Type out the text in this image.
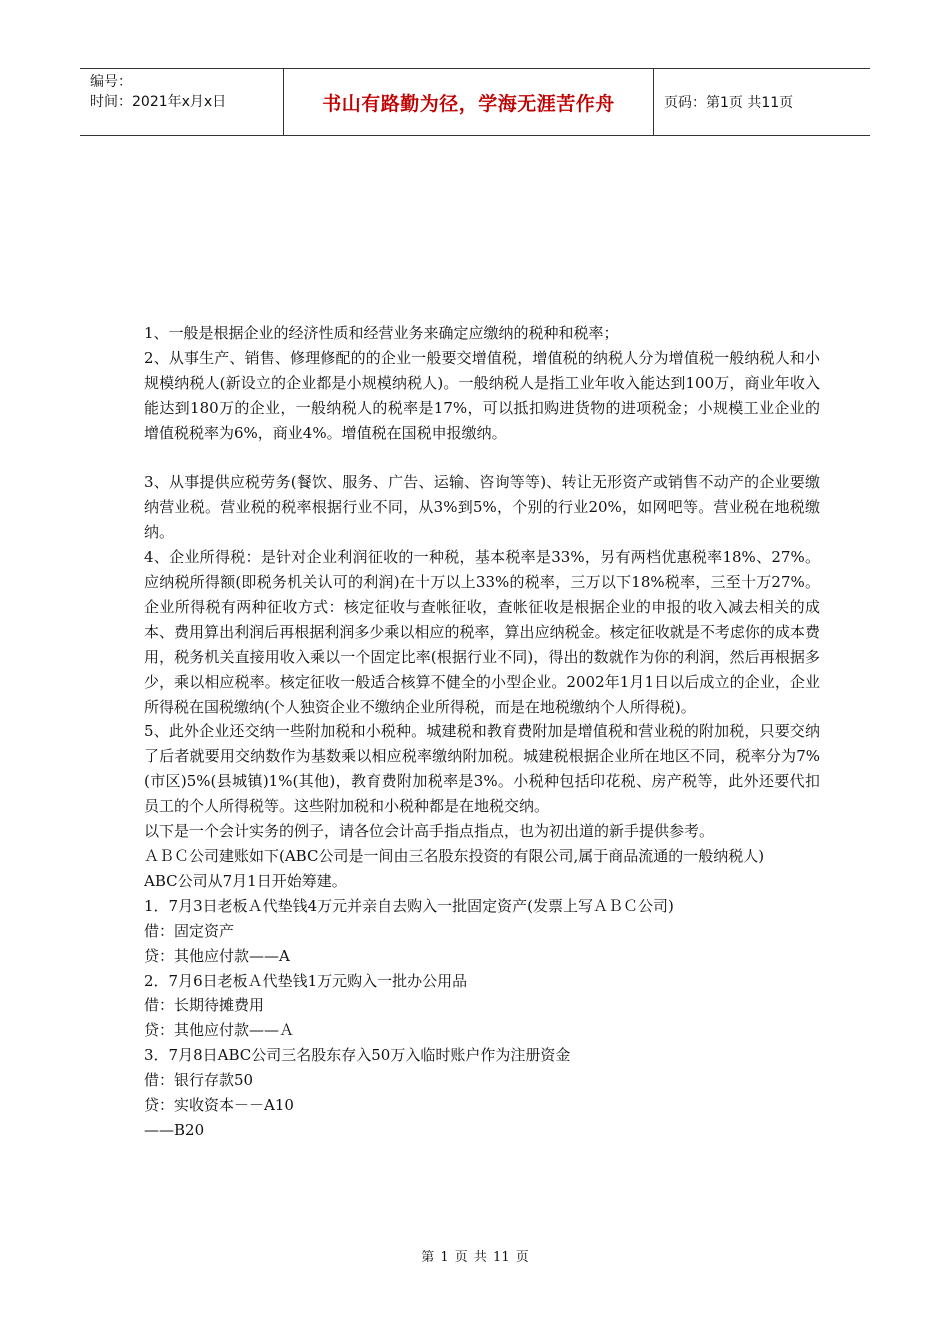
编号：
时间：2021年x月x日	书山有路勤为径，学海无涯苦作舟	页码：第1页 共11页

1、一般是根据企业的经济性质和经营业务来确定应缴纳的税种和税率；

2、从事生产、销售、修理修配的的企业一般要交增值税，增值税的纳税人分为增值税一般纳税人和小规模纳税人(新设立的企业都是小规模纳税人)。一般纳税人是指工业年收入能达到100万，商业年收入能达到180万的企业，一般纳税人的税率是17%，可以抵扣购进货物的进项税金；小规模工业企业的增值税税率为6%，商业4%。增值税在国税申报缴纳。

3、从事提供应税劳务(餐饮、服务、广告、运输、咨询等等)、转让无形资产或销售不动产的企业要缴纳营业税。营业税的税率根据行业不同，从3%到5%，个别的行业20%，如网吧等。营业税在地税缴纳。

4、企业所得税：是针对企业利润征收的一种税，基本税率是33%，另有两档优惠税率18%、27%。应纳税所得额(即税务机关认可的利润)在十万以上33%的税率，三万以下18%税率，三至十万27%。企业所得税有两种征收方式：核定征收与查帐征收，查帐征收是根据企业的申报的收入减去相关的成本、费用算出利润后再根据利润多少乘以相应的税率，算出应纳税金。核定征收就是不考虑你的成本费用，税务机关直接用收入乘以一个固定比率(根据行业不同)，得出的数就作为你的利润，然后再根据多少，乘以相应税率。核定征收一般适合核算不健全的小型企业。2002年1月1日以后成立的企业，企业所得税在国税缴纳(个人独资企业不缴纳企业所得税，而是在地税缴纳个人所得税)。

5、此外企业还交纳一些附加税和小税种。城建税和教育费附加是增值税和营业税的附加税，只要交纳了后者就要用交纳数作为基数乘以相应税率缴纳附加税。城建税根据企业所在地区不同，税率分为7%(市区)5%(县城镇)1%(其他)，教育费附加税率是3%。小税种包括印花税、房产税等，此外还要代扣员工的个人所得税等。这些附加税和小税种都是在地税交纳。

以下是一个会计实务的例子，请各位会计高手指点指点，也为初出道的新手提供参考。

ＡＢＣ公司建账如下(ABC公司是一间由三名股东投资的有限公司,属于商品流通的一般纳税人)

ABC公司从7月1日开始筹建。

1．7月3日老板Ａ代垫钱4万元并亲自去购入一批固定资产(发票上写ＡＢＣ公司)

借：固定资产

贷：其他应付款——A

2．7月6日老板Ａ代垫钱1万元购入一批办公用品

借：长期待摊费用

贷：其他应付款——Ａ

3．7月8日ABC公司三名股东存入50万入临时账户作为注册资金

借：银行存款50

贷：实收资本－－A10

——B20

第 1 页 共 11 页
